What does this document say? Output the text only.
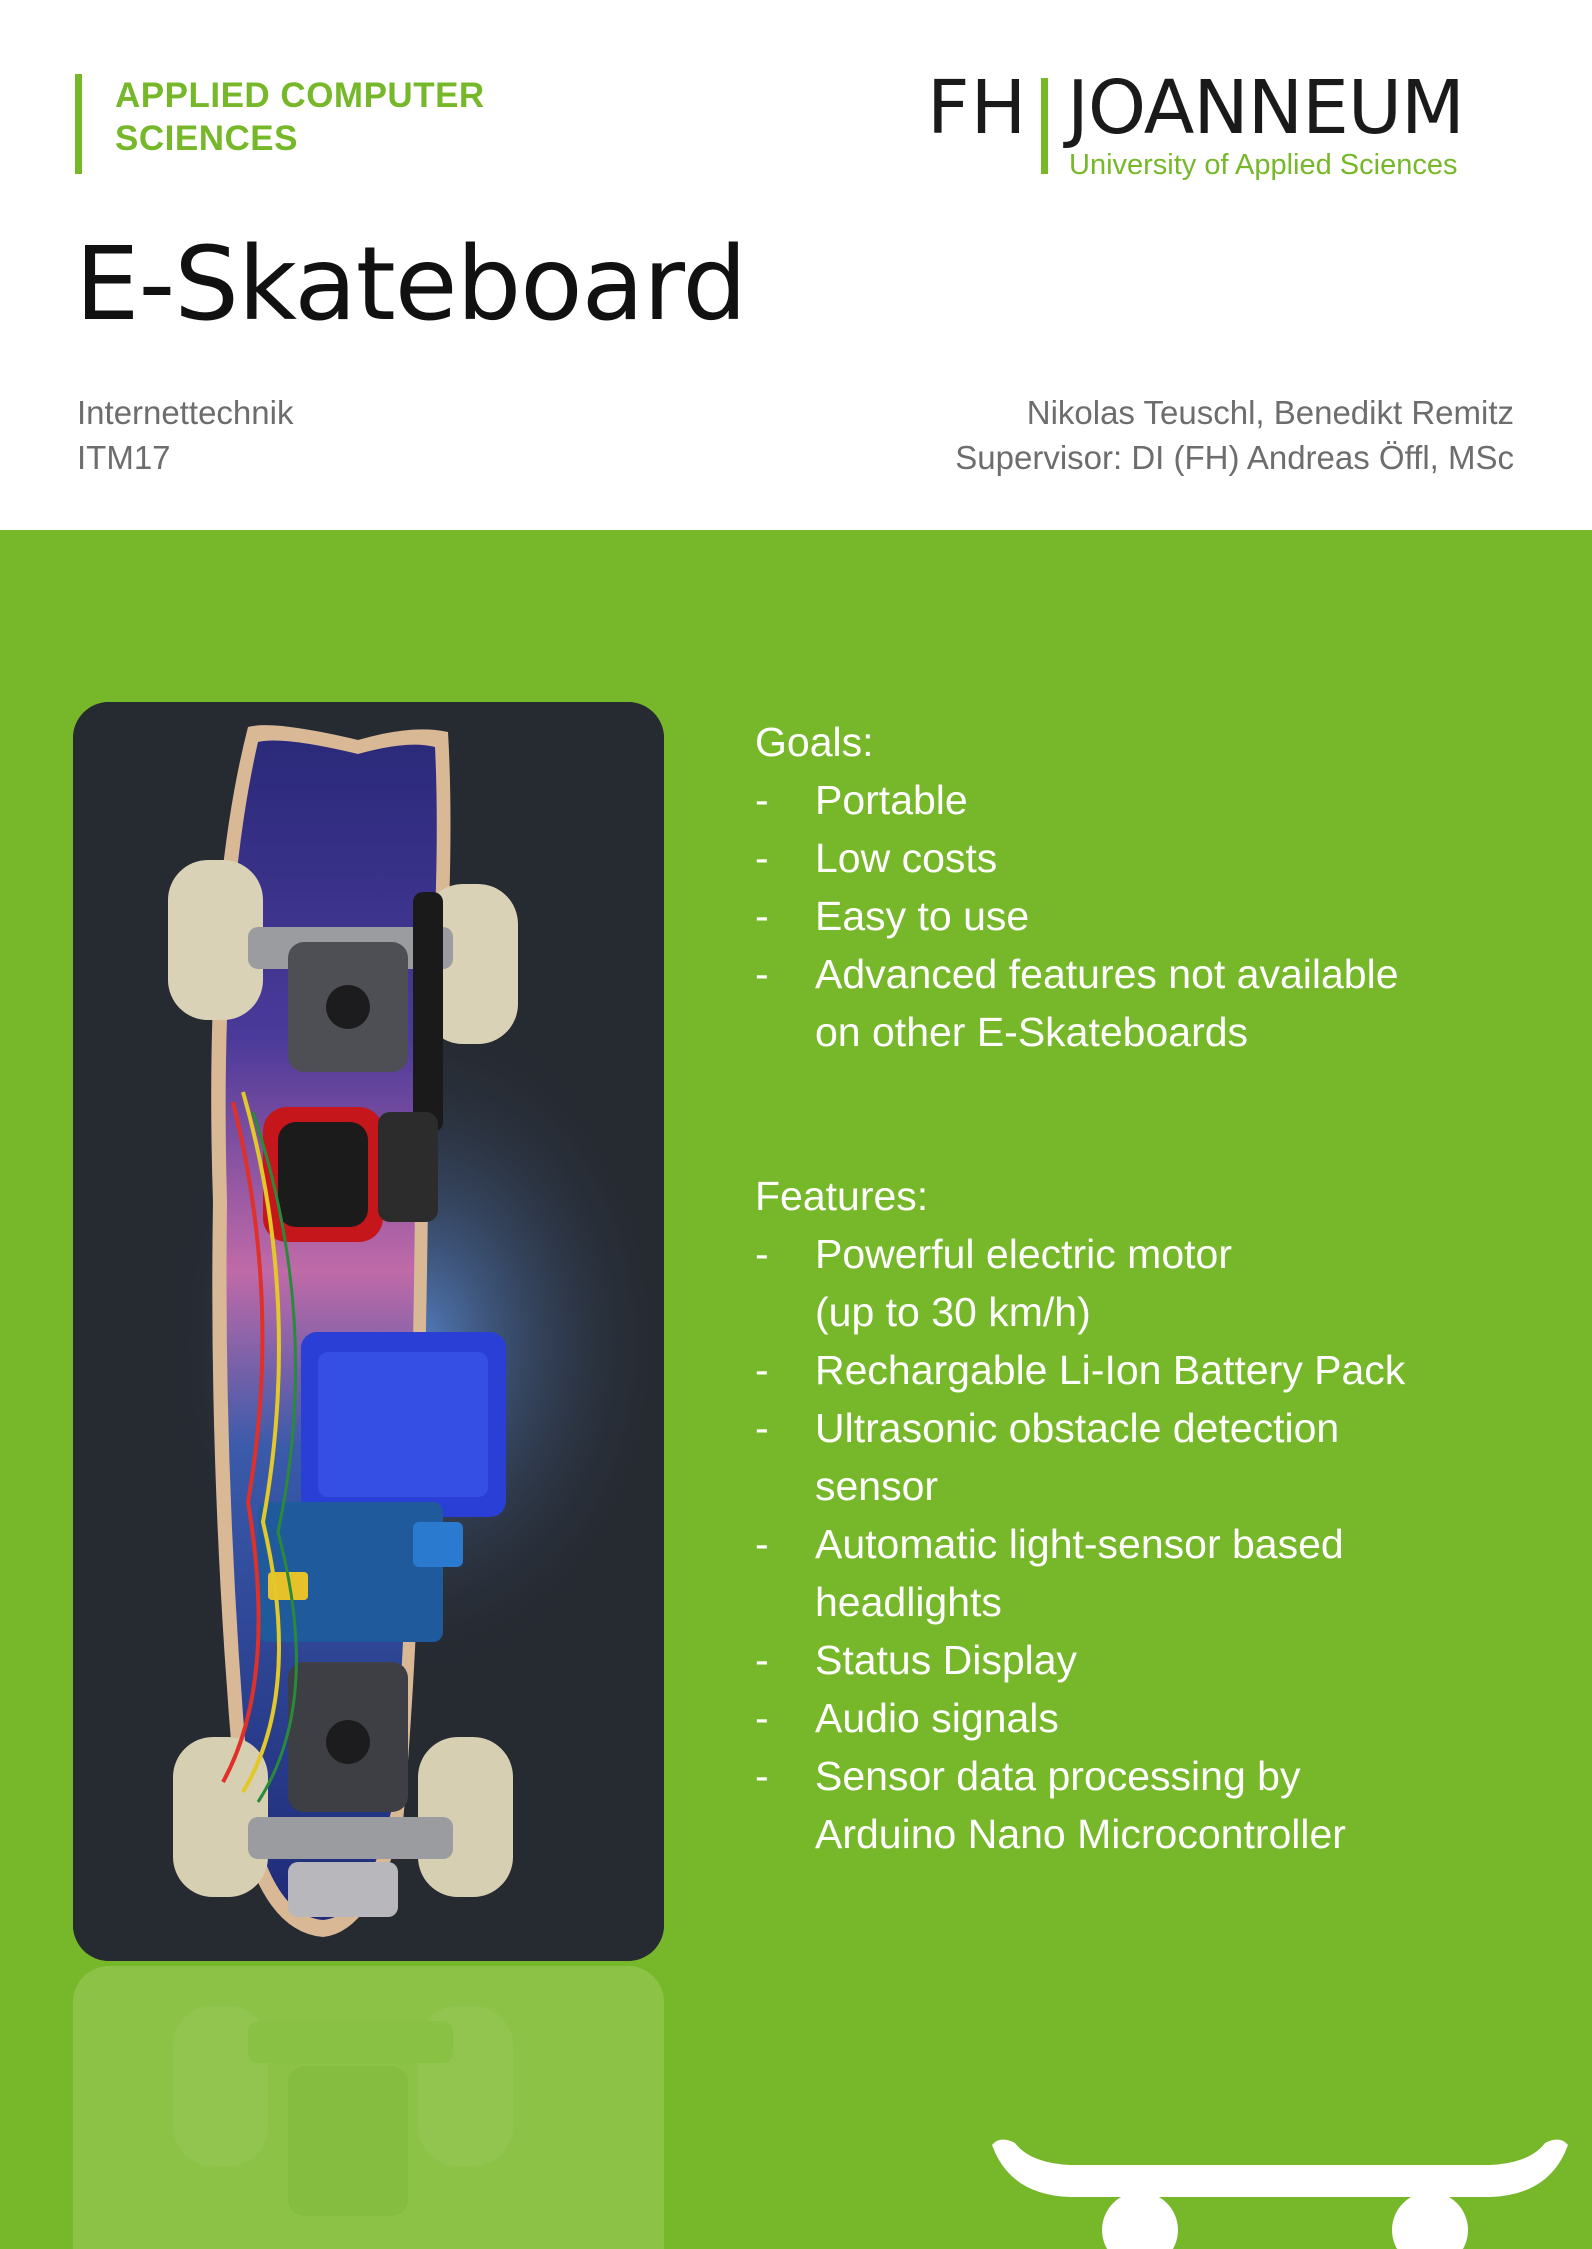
APPLIED COMPUTER
SCIENCES	FH JOANNEUM
University of Applied Sciences
E-Skateboard
Internettechnik
ITM17
Nikolas Teuschl, Benedikt Remitz
Supervisor: DI (FH) Andreas Öffl, MSc

Goals:

- Portable
- Low costs
- Easy to use
- Advanced features not available
on other E-Skateboards

Features:

- Powerful electric motor
(up to 30 km/h)
- Rechargable Li-Ion Battery Pack
- Ultrasonic obstacle detection
sensor
- Automatic light-sensor based
headlights
- Status Display
- Audio signals
- Sensor data processing by
Arduino Nano Microcontroller
